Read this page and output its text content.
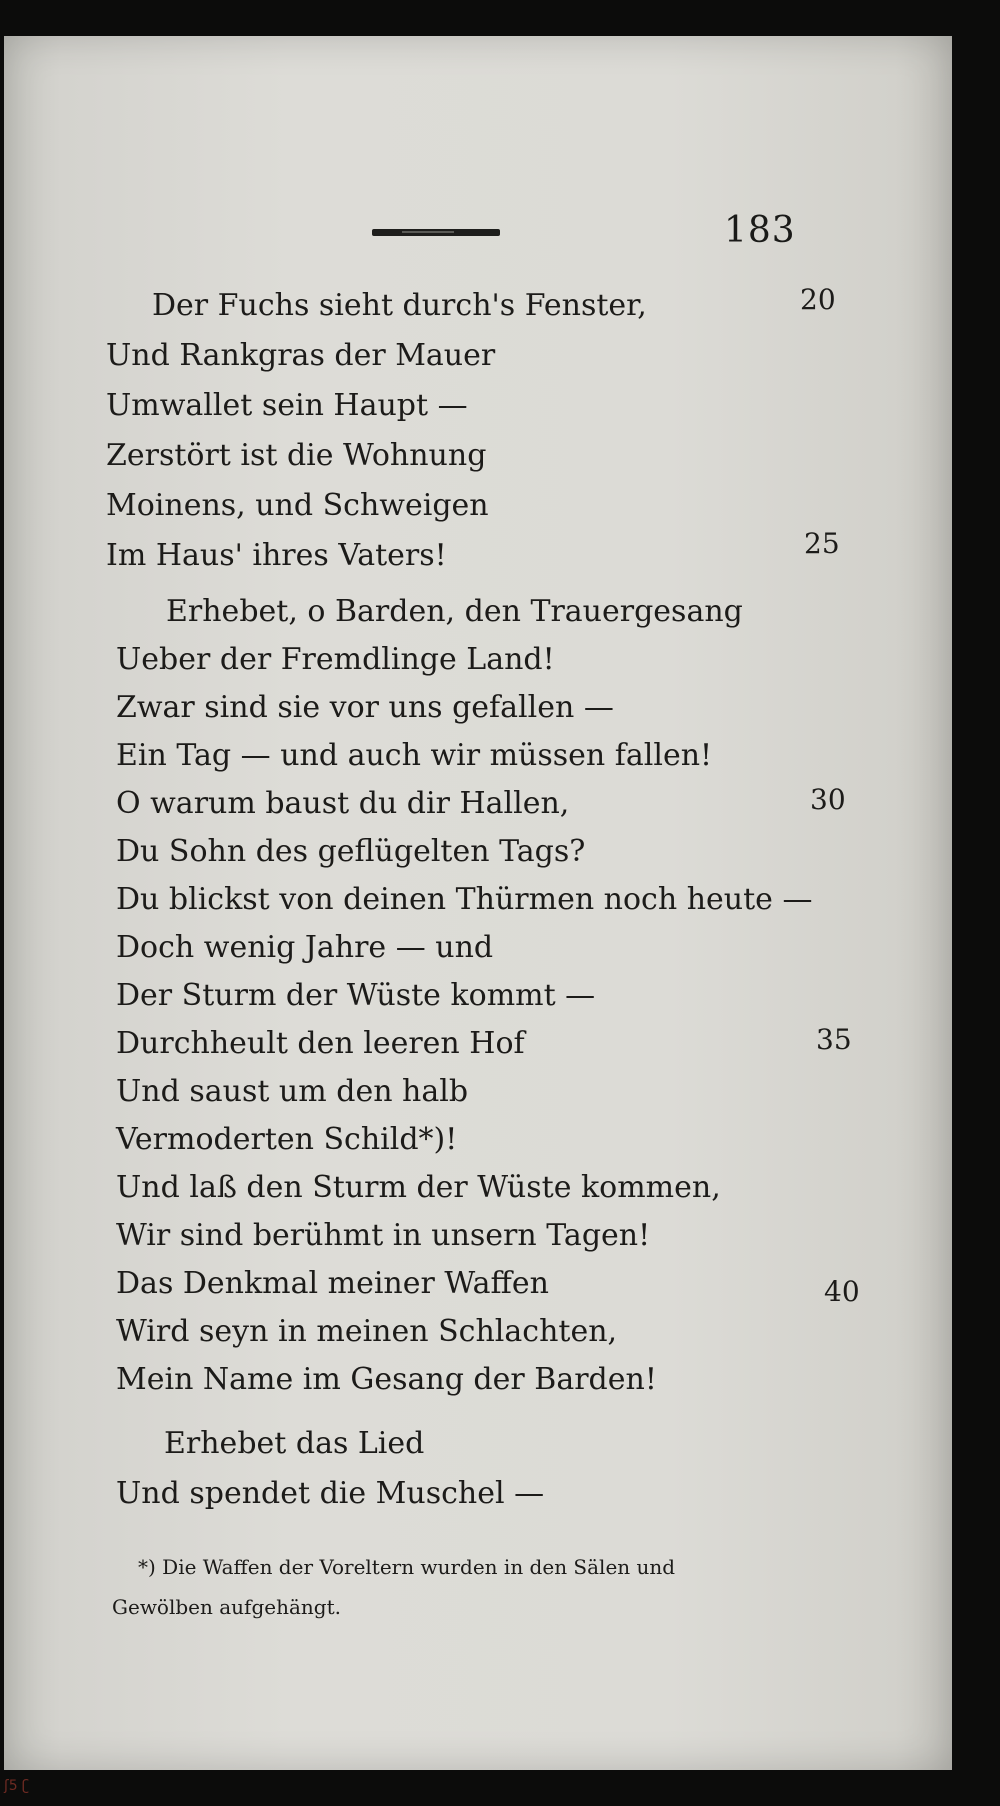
183
Der Fuchs sieht durch's Fenster,
Und Rankgras der Mauer
Umwallet sein Haupt —
Zerstört ist die Wohnung
Moinens, und Schweigen
Im Haus' ihres Vaters!
Erhebet, o Barden, den Trauergesang
Ueber der Fremdlinge Land!
Zwar sind sie vor uns gefallen —
Ein Tag — und auch wir müssen fallen!
O warum baust du dir Hallen,
Du Sohn des geflügelten Tags?
Du blickst von deinen Thürmen noch heute —
Doch wenig Jahre — und
Der Sturm der Wüste kommt —
Durchheult den leeren Hof
Und saust um den halb
Vermoderten Schild*)!
Und laß den Sturm der Wüste kommen,
Wir sind berühmt in unsern Tagen!
Das Denkmal meiner Waffen
Wird seyn in meinen Schlachten,
Mein Name im Gesang der Barden!
Erhebet das Lied
Und spendet die Muschel —
20
25
30
35
40
*) Die Waffen der Voreltern wurden in den Sälen und
Gewölben aufgehängt.
ʃ5 ʗ
